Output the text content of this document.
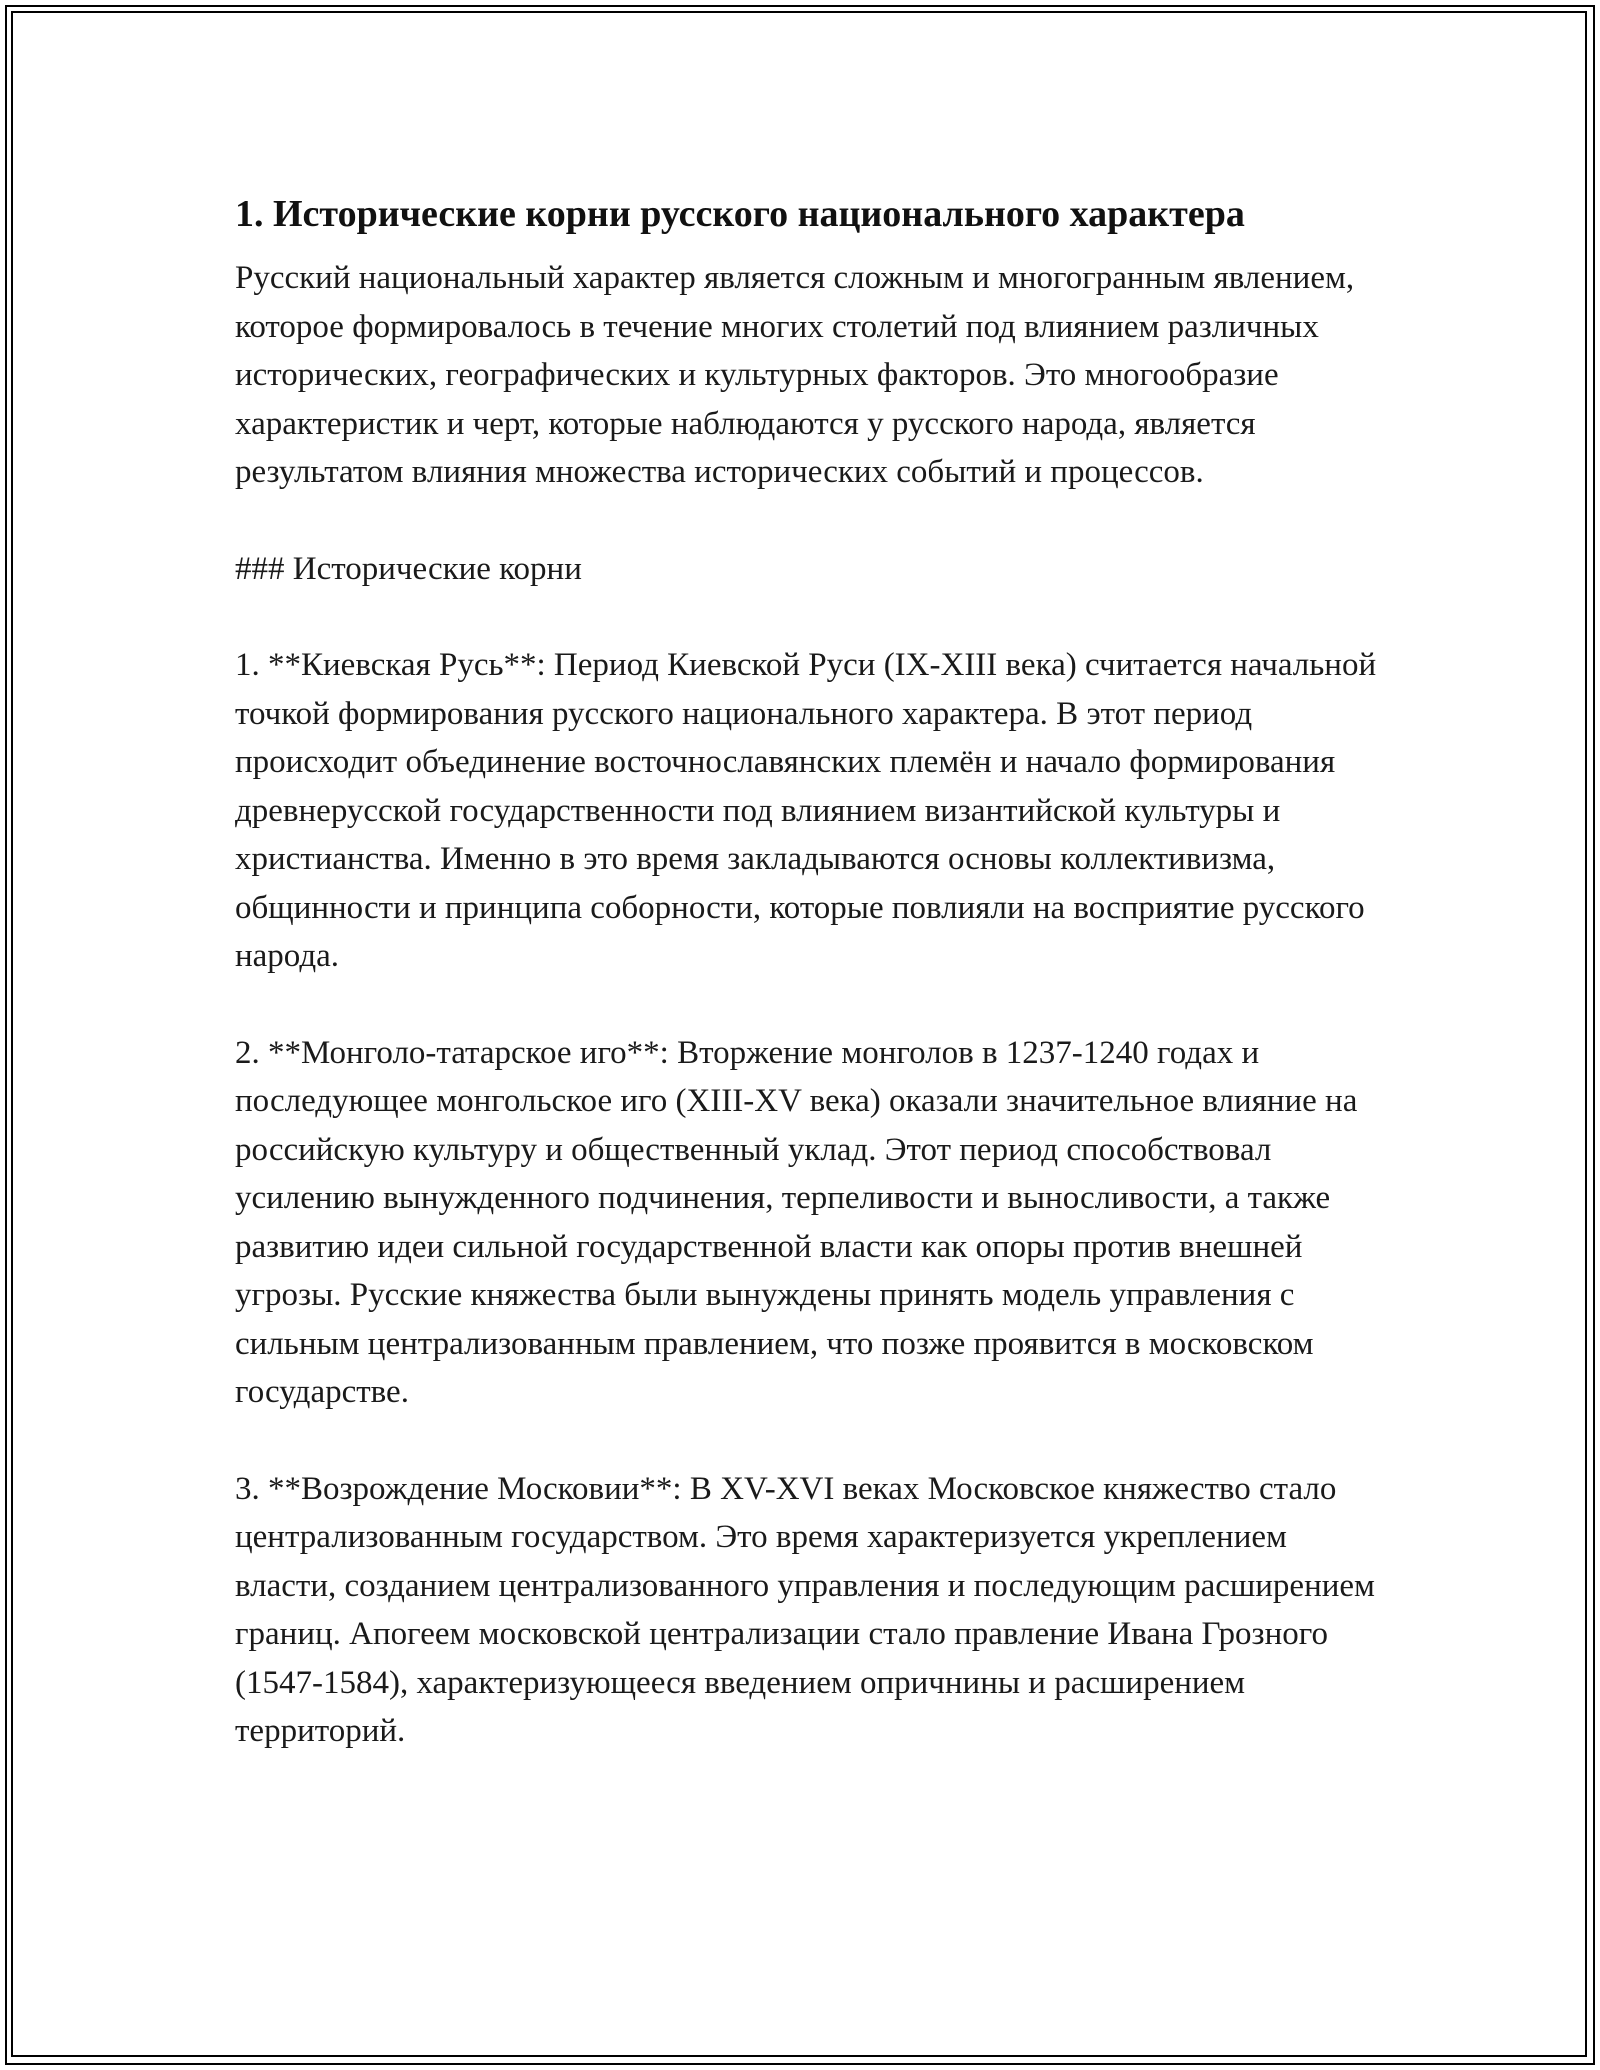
1. Исторические корни русского национального характера

Русский национальный характер является сложным и многогранным явлением, которое формировалось в течение многих столетий под влиянием различных исторических, географических и культурных факторов. Это многообразие характеристик и черт, которые наблюдаются у русского народа, является результатом влияния множества исторических событий и процессов.

### Исторические корни

1. **Киевская Русь**: Период Киевской Руси (IX-XIII века) считается начальной точкой формирования русского национального характера. В этот период происходит объединение восточнославянских племён и начало формирования древнерусской государственности под влиянием византийской культуры и христианства. Именно в это время закладываются основы коллективизма, общинности и принципа соборности, которые повлияли на восприятие русского народа.

2. **Монголо-татарское иго**: Вторжение монголов в 1237-1240 годах и последующее монгольское иго (XIII-XV века) оказали значительное влияние на российскую культуру и общественный уклад. Этот период способствовал усилению вынужденного подчинения, терпеливости и выносливости, а также развитию идеи сильной государственной власти как опоры против внешней угрозы. Русские княжества были вынуждены принять модель управления с сильным централизованным правлением, что позже проявится в московском государстве.

3. **Возрождение Московии**: В XV-XVI веках Московское княжество стало централизованным государством. Это время характеризуется укреплением власти, созданием централизованного управления и последующим расширением границ. Апогеем московской централизации стало правление Ивана Грозного (1547-1584), характеризующееся введением опричнины и расширением территорий.
